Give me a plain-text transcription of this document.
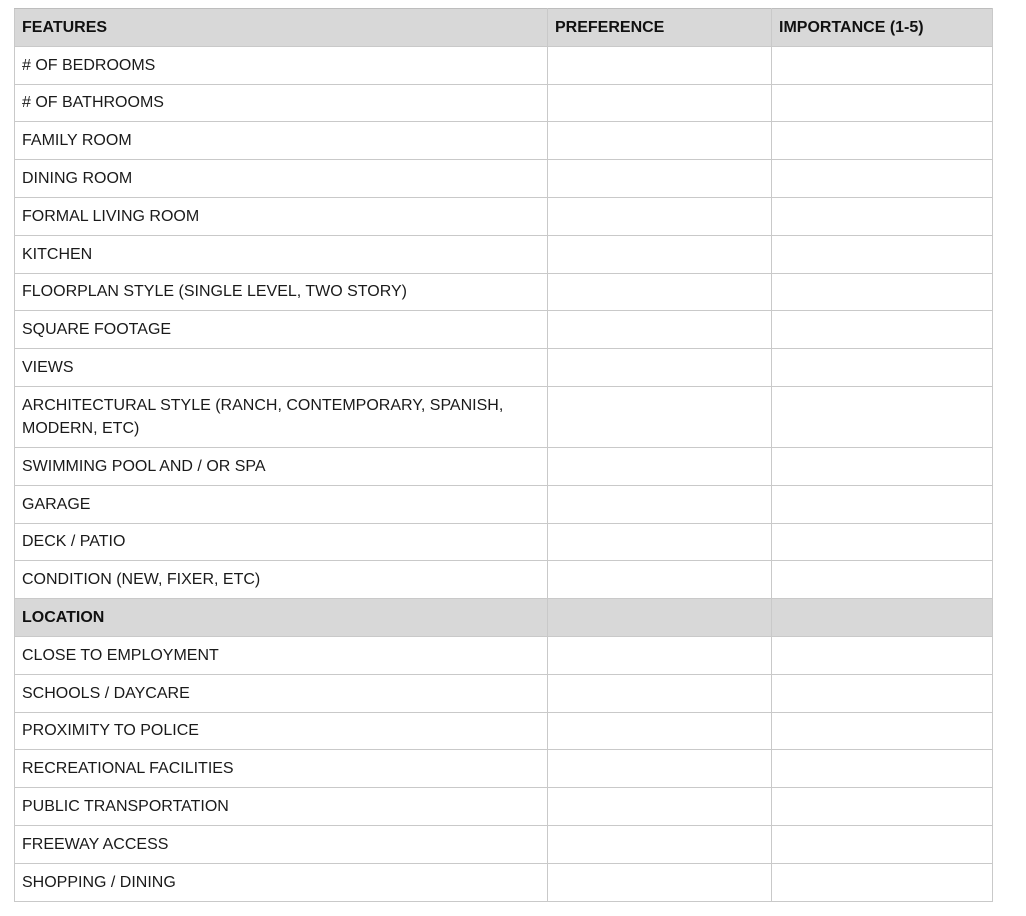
FEATURES	PREFERENCE	IMPORTANCE (1-5)
# OF BEDROOMS		
# OF BATHROOMS		
FAMILY ROOM		
DINING ROOM		
FORMAL LIVING ROOM		
KITCHEN		
FLOORPLAN STYLE (SINGLE LEVEL, TWO STORY)		
SQUARE FOOTAGE		
VIEWS		
ARCHITECTURAL STYLE (RANCH, CONTEMPORARY, SPANISH, MODERN, ETC)		
SWIMMING POOL AND / OR SPA		
GARAGE		
DECK / PATIO		
CONDITION (NEW, FIXER, ETC)		
LOCATION		
CLOSE TO EMPLOYMENT		
SCHOOLS / DAYCARE		
PROXIMITY TO POLICE		
RECREATIONAL FACILITIES		
PUBLIC TRANSPORTATION		
FREEWAY ACCESS		
SHOPPING / DINING		
